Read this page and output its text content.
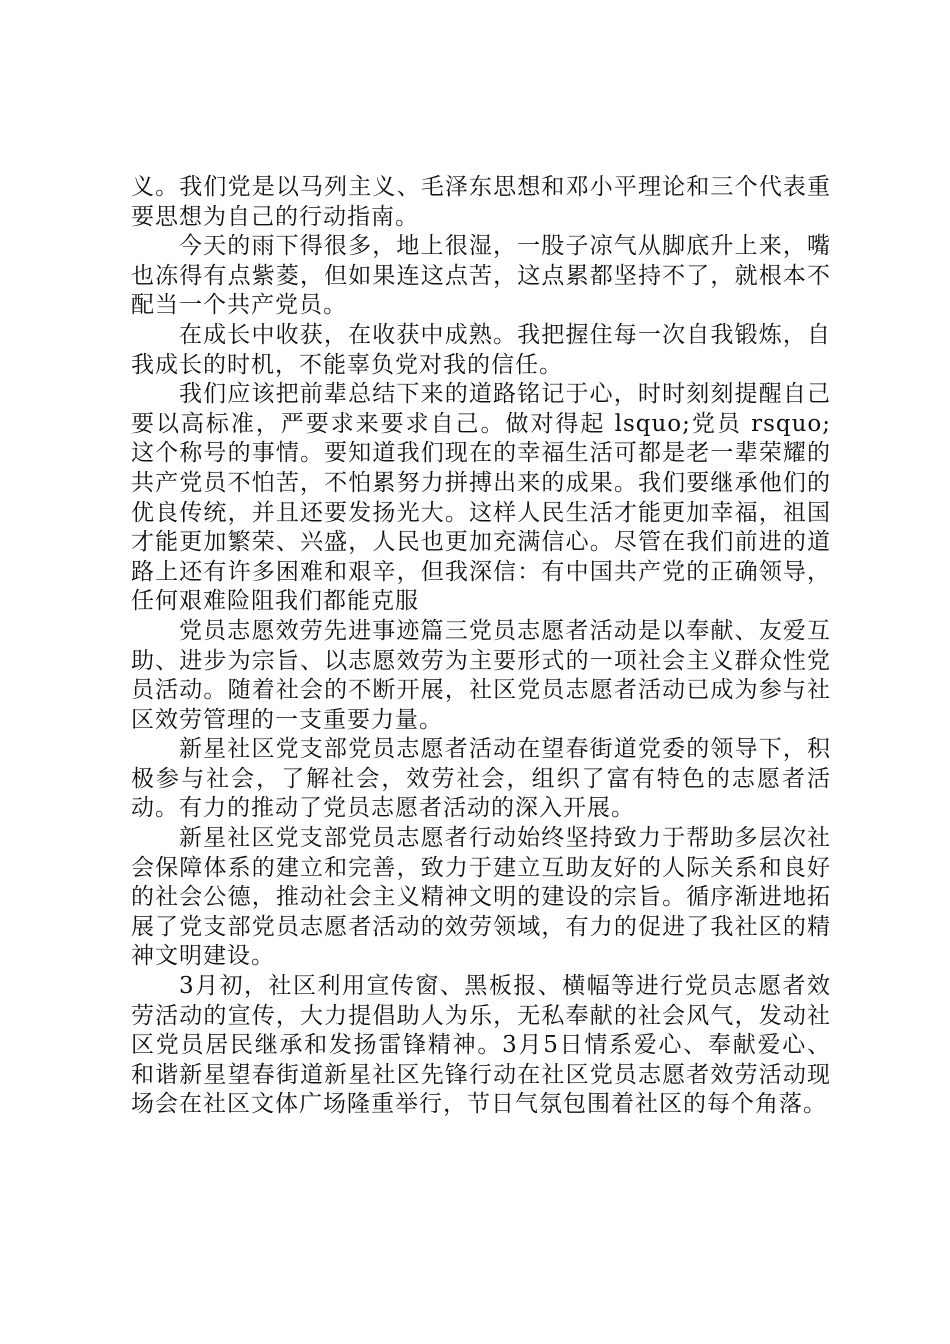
义。我们党是以马列主义、毛泽东思想和邓小平理论和三个代表重要思想为自己的行动指南。

今天的雨下得很多，地上很湿，一股子凉气从脚底升上来，嘴也冻得有点紫菱，但如果连这点苦，这点累都坚持不了，就根本不配当一个共产党员。

在成长中收获，在收获中成熟。我把握住每一次自我锻炼，自我成长的时机，不能辜负党对我的信任。

我们应该把前辈总结下来的道路铭记于心，时时刻刻提醒自己要以高标准，严要求来要求自己。做对得起 lsquo;党员 rsquo;这个称号的事情。要知道我们现在的幸福生活可都是老一辈荣耀的共产党员不怕苦，不怕累努力拼搏出来的成果。我们要继承他们的优良传统，并且还要发扬光大。这样人民生活才能更加幸福，祖国才能更加繁荣、兴盛，人民也更加充满信心。尽管在我们前进的道路上还有许多困难和艰辛，但我深信：有中国共产党的正确领导，任何艰难险阻我们都能克服

党员志愿效劳先进事迹篇三党员志愿者活动是以奉献、友爱互助、进步为宗旨、以志愿效劳为主要形式的一项社会主义群众性党员活动。随着社会的不断开展，社区党员志愿者活动已成为参与社区效劳管理的一支重要力量。

新星社区党支部党员志愿者活动在望春街道党委的领导下，积极参与社会，了解社会，效劳社会，组织了富有特色的志愿者活动。有力的推动了党员志愿者活动的深入开展。

新星社区党支部党员志愿者行动始终坚持致力于帮助多层次社会保障体系的建立和完善，致力于建立互助友好的人际关系和良好的社会公德，推动社会主义精神文明的建设的宗旨。循序渐进地拓展了党支部党员志愿者活动的效劳领域，有力的促进了我社区的精神文明建设。

3月初，社区利用宣传窗、黑板报、横幅等进行党员志愿者效劳活动的宣传，大力提倡助人为乐，无私奉献的社会风气，发动社区党员居民继承和发扬雷锋精神。3月5日情系爱心、奉献爱心、和谐新星望春街道新星社区先锋行动在社区党员志愿者效劳活动现场会在社区文体广场隆重举行，节日气氛包围着社区的每个角落。
